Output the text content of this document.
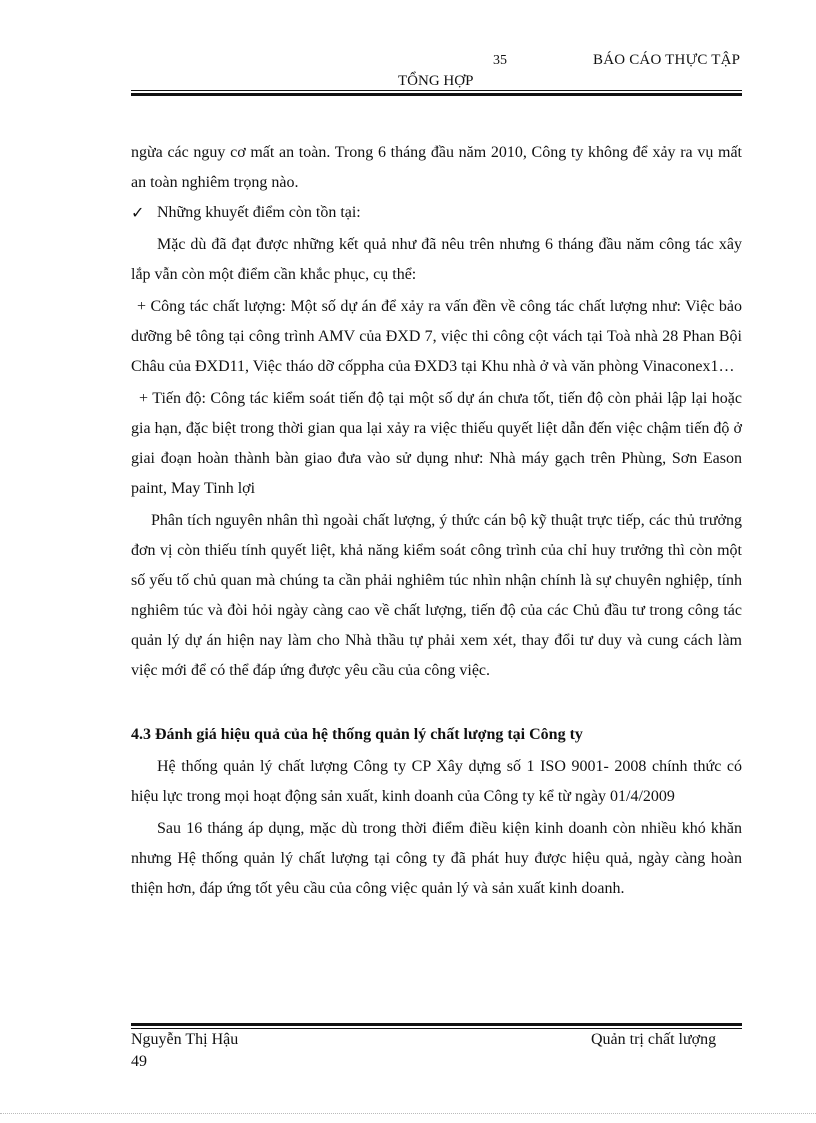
35	BÁO CÁO THỰC TẬP
TỔNG HỢP

ngừa các nguy cơ mất an toàn. Trong 6 tháng đầu năm 2010, Công ty không để xảy ra vụ mất an toàn nghiêm trọng nào.

✓ Những khuyết điểm còn tồn tại:

Mặc dù đã đạt được những kết quả như đã nêu trên nhưng 6 tháng đầu năm công tác xây lắp vẫn còn một điểm cần khắc phục, cụ thể:

+ Công tác chất lượng: Một số dự án để xảy ra vấn đền về công tác chất lượng như: Việc bảo dưỡng bê tông tại công trình AMV của ĐXD 7, việc thi công cột vách tại Toà nhà 28 Phan Bội Châu của ĐXD11, Việc tháo dỡ cốppha của ĐXD3 tại Khu nhà ở và văn phòng Vinaconex1…

+ Tiến độ: Công tác kiểm soát tiến độ tại một số dự án chưa tốt, tiến độ còn phải lập lại hoặc gia hạn, đặc biệt trong thời gian qua lại xảy ra việc thiếu quyết liệt dẫn đến việc chậm tiến độ ở giai đoạn hoàn thành bàn giao đưa vào sử dụng như: Nhà máy gạch trên Phùng, Sơn Eason paint, May Tinh lợi

Phân tích nguyên nhân thì ngoài chất lượng, ý thức cán bộ kỹ thuật trực tiếp, các thủ trưởng đơn vị còn thiếu tính quyết liệt, khả năng kiểm soát công trình của chỉ huy trưởng thì còn một số yếu tố chủ quan mà chúng ta cần phải nghiêm túc nhìn nhận chính là sự chuyên nghiệp, tính nghiêm túc và đòi hỏi ngày càng cao về chất lượng, tiến độ của các Chủ đầu tư trong công tác quản lý dự án hiện nay làm cho Nhà thầu tự phải xem xét, thay đổi tư duy và cung cách làm việc mới để có thể đáp ứng được yêu cầu của công việc.

4.3 Đánh giá hiệu quả của hệ thống quản lý chất lượng tại Công ty

Hệ thống quản lý chất lượng Công ty CP Xây dựng số 1 ISO 9001- 2008 chính thức có hiệu lực trong mọi hoạt động sản xuất, kinh doanh của Công ty kể từ ngày 01/4/2009

Sau 16 tháng áp dụng, mặc dù trong thời điểm điều kiện kinh doanh còn nhiều khó khăn nhưng Hệ thống quản lý chất lượng tại công ty đã phát huy được hiệu quả, ngày càng hoàn thiện hơn, đáp ứng tốt yêu cầu của công việc quản lý và sản xuất kinh doanh.

Nguyễn Thị Hậu	Quản trị chất lượng
49
